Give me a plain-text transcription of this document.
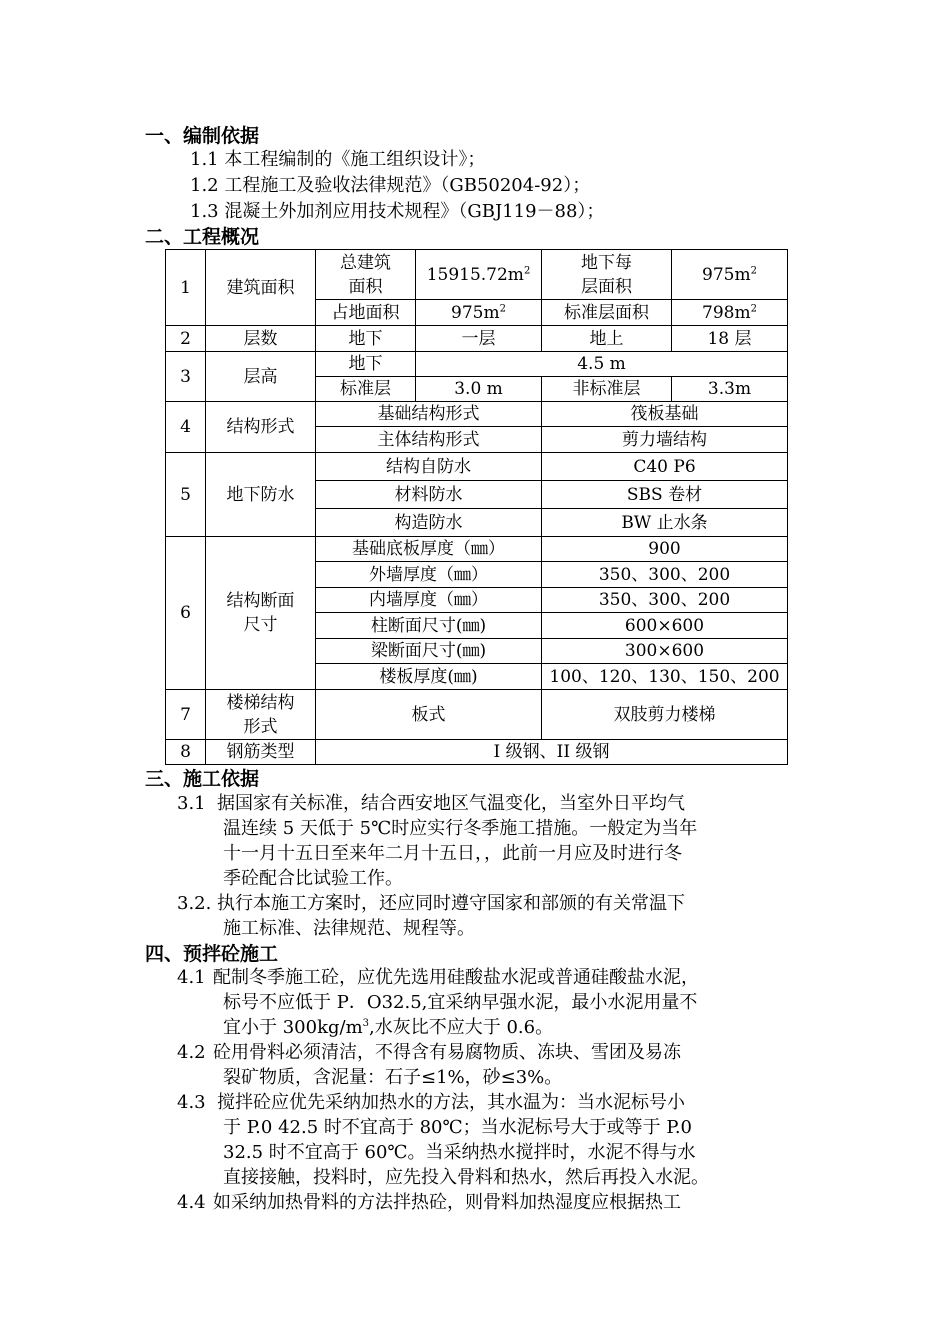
一、编制依据
1.1 本工程编制的《施工组织设计》；
1.2 工程施工及验收法律规范》（GB50204-92）；
1.3 混凝土外加剂应用技术规程》（GBJ119－88）；
二、工程概况
1	建筑面积	总建筑面积	$15915.72m^2$	地下每层面积	$975m^2$
		占地面积	$975m^2$	标准层面积	$798m^2$
2	层数	地下	一层	地上	18 层
3	层高	地下	4.5 m		
		标准层	3.0 m	非标准层	3.3m
4	结构形式	基础结构形式		筏板基础	
		主体结构形式		剪力墙结构	
5	地下防水	结构自防水		C40 P6	
		材料防水		SBS 卷材	
		构造防水		BW 止水条	
6	结构断面尺寸	基础底板厚度（㎜）		900	
		外墙厚度（㎜）		350、300、200	
		内墙厚度（㎜）		350、300、200	
		柱断面尺寸(㎜)		600×600	
		梁断面尺寸(㎜)		300×600	
		楼板厚度(㎜)		100、120、130、150、200	
7	楼梯结构形式	板式		双肢剪力楼梯	
8	钢筋类型	I 级钢、II 级钢			
三、施工依据
3.1 据国家有关标准，结合西安地区气温变化，当室外日平均气
温连续 5 天低于 5℃时应实行冬季施工措施。一般定为当年
十一月十五日至来年二月十五日，，此前一月应及时进行冬
季砼配合比试验工作。
3.2. 执行本施工方案时，还应同时遵守国家和部颁的有关常温下
施工标准、法律规范、规程等。
四、预拌砼施工
4.1 配制冬季施工砼，应优先选用硅酸盐水泥或普通硅酸盐水泥，
标号不应低于 P．O32.5,宜采纳早强水泥，最小水泥用量不
宜小于 $300kg/m^3$,水灰比不应大于 0.6。
4.2 砼用骨料必须清洁，不得含有易腐物质、冻块、雪团及易冻
裂矿物质，含泥量：石子≤1%，砂≤3%。
4.3 搅拌砼应优先采纳加热水的方法，其水温为：当水泥标号小
于 P.0 42.5 时不宜高于 80℃；当水泥标号大于或等于 P.0
32.5 时不宜高于 60℃。当采纳热水搅拌时，水泥不得与水
直接接触，投料时，应先投入骨料和热水，然后再投入水泥。
4.4 如采纳加热骨料的方法拌热砼，则骨料加热湿度应根据热工
